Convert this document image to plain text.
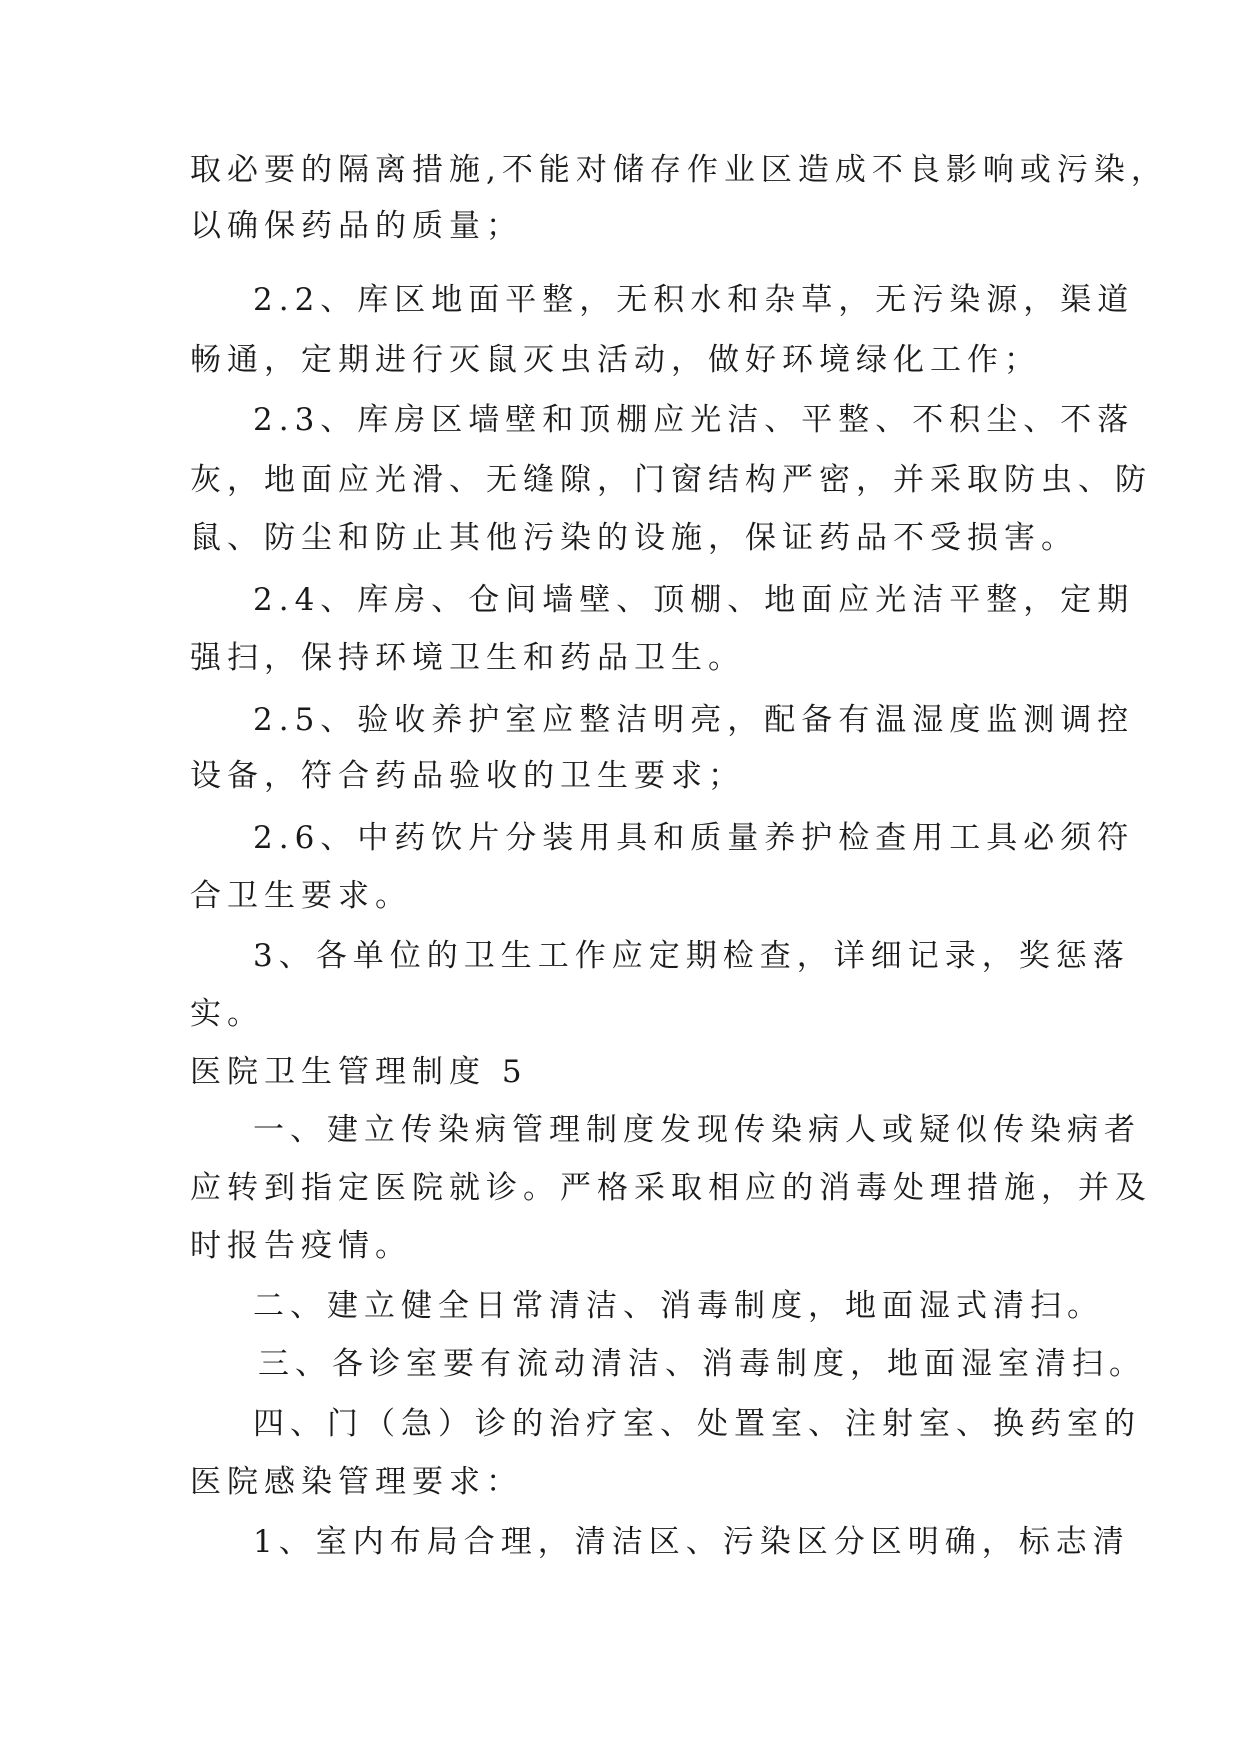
取必要的隔离措施,不能对储存作业区造成不良影响或污染，
以确保药品的质量；
2.2、库区地面平整，无积水和杂草，无污染源，渠道
畅通，定期进行灭鼠灭虫活动，做好环境绿化工作；
2.3、库房区墙壁和顶棚应光洁、平整、不积尘、不落
灰，地面应光滑、无缝隙，门窗结构严密，并采取防虫、防
鼠、防尘和防止其他污染的设施，保证药品不受损害。
2.4、库房、仓间墙壁、顶棚、地面应光洁平整，定期
强扫，保持环境卫生和药品卫生。
2.5、验收养护室应整洁明亮，配备有温湿度监测调控
设备，符合药品验收的卫生要求；
2.6、中药饮片分装用具和质量养护检查用工具必须符
合卫生要求。
3、各单位的卫生工作应定期检查，详细记录，奖惩落
实。
医院卫生管理制度 5
一、建立传染病管理制度发现传染病人或疑似传染病者
应转到指定医院就诊。严格采取相应的消毒处理措施，并及
时报告疫情。
二、建立健全日常清洁、消毒制度，地面湿式清扫。
三、各诊室要有流动清洁、消毒制度，地面湿室清扫。
四、门（急）诊的治疗室、处置室、注射室、换药室的
医院感染管理要求：
1、室内布局合理，清洁区、污染区分区明确，标志清
